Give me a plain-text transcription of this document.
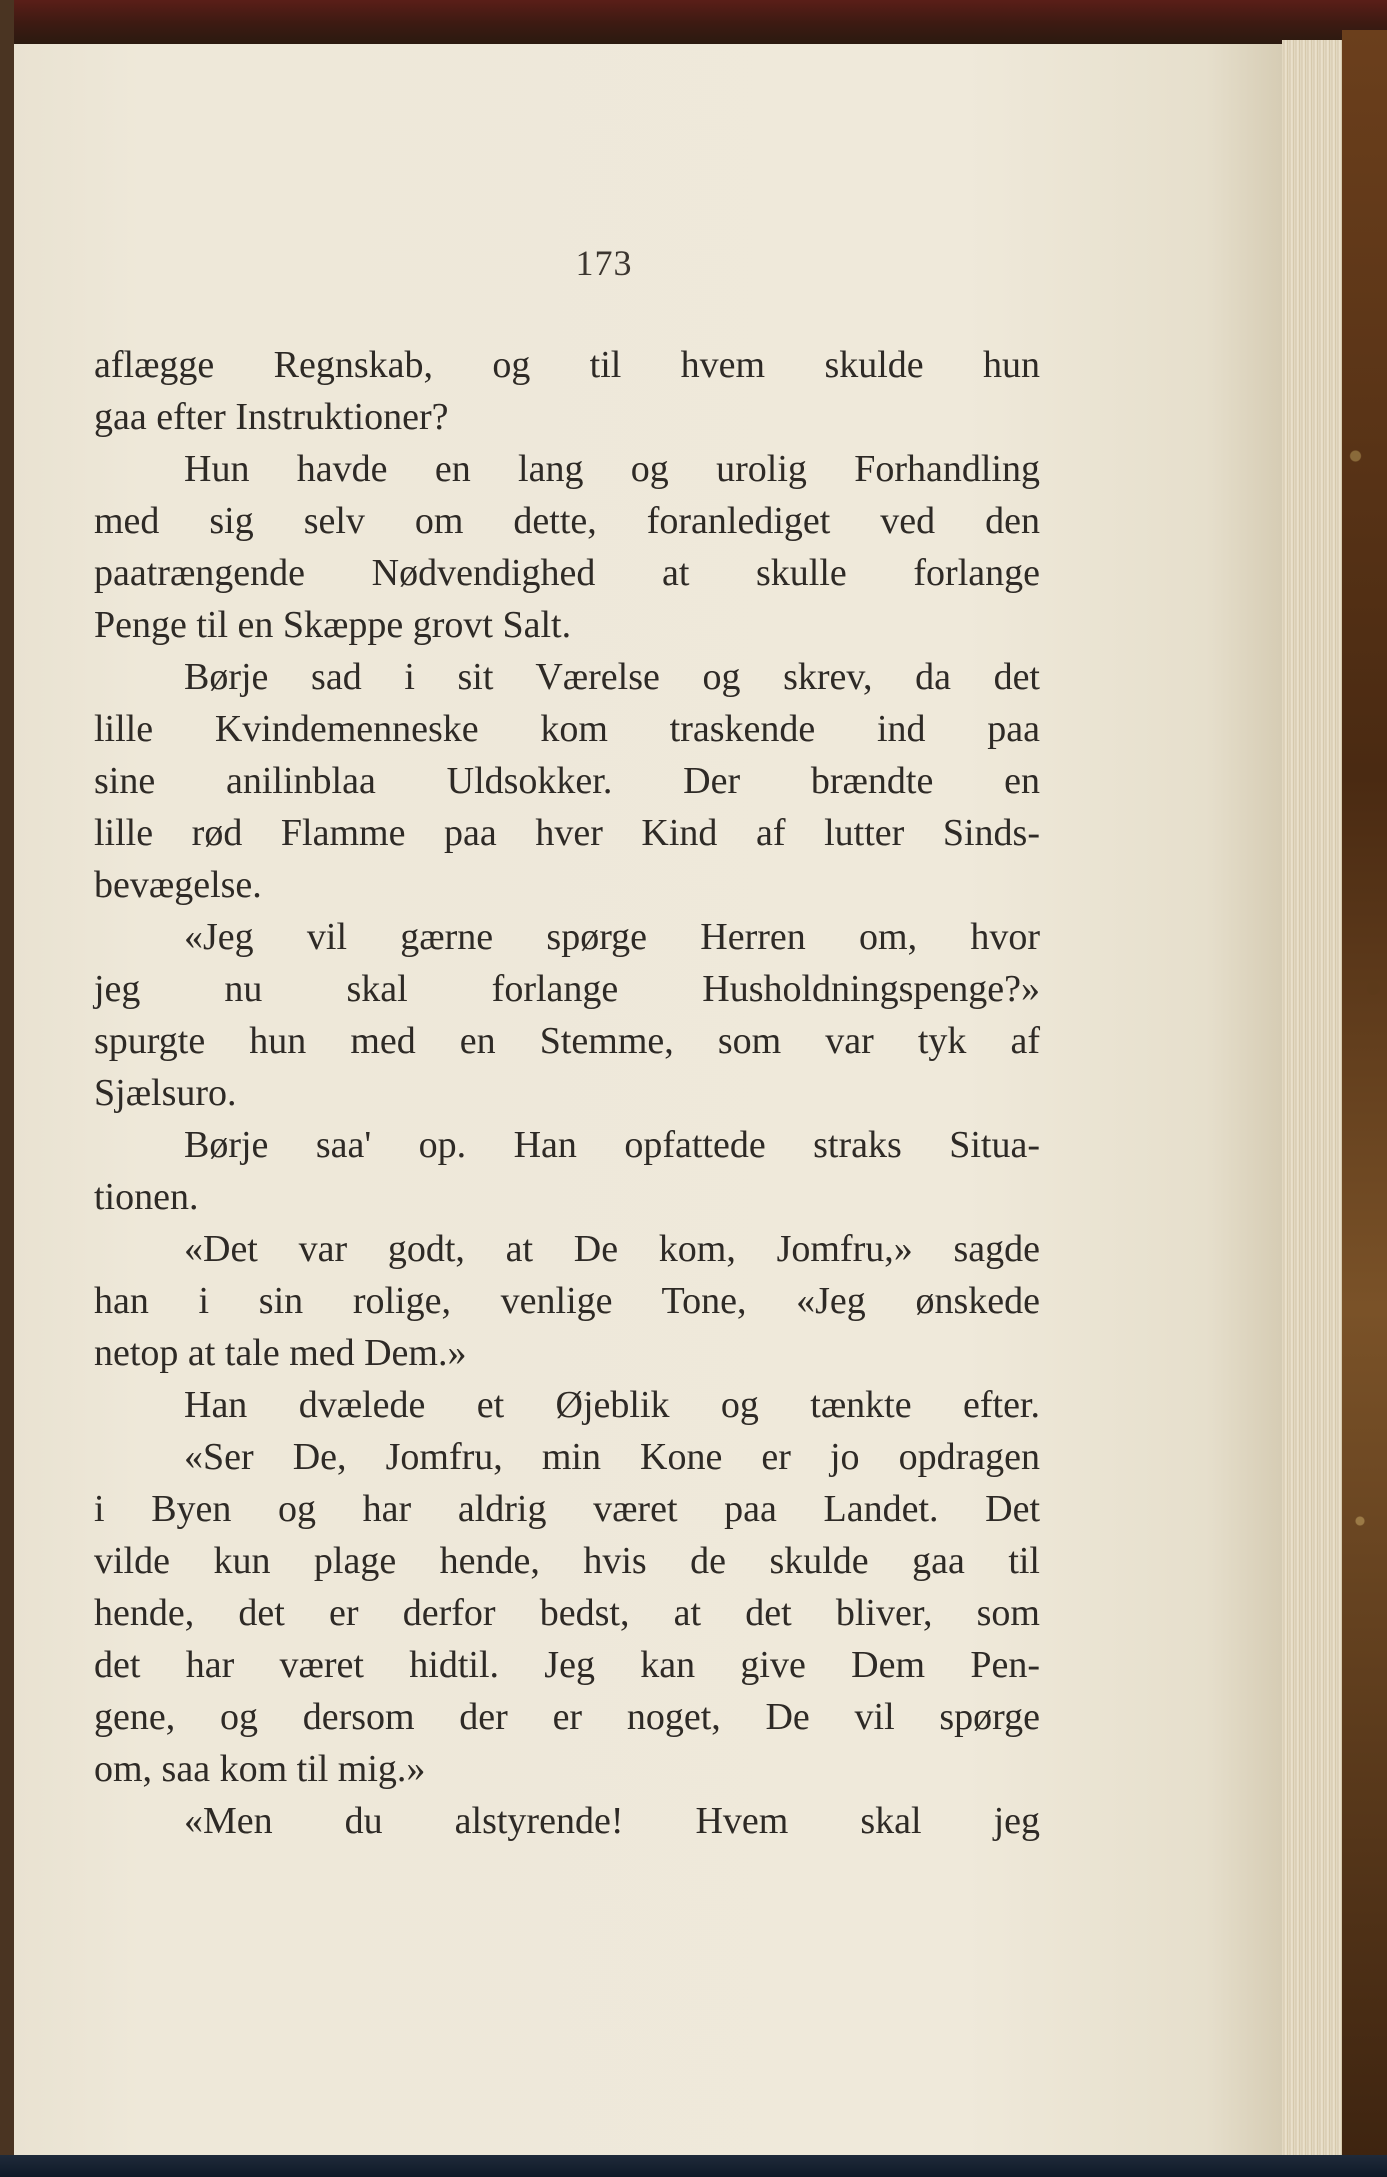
173
aflægge Regnskab, og til hvem skulde hun
gaa efter Instruktioner?
Hun havde en lang og urolig Forhandling
med sig selv om dette, foranlediget ved den
paatrængende Nødvendighed at skulle forlange
Penge til en Skæppe grovt Salt.
Børje sad i sit Værelse og skrev, da det
lille Kvindemenneske kom traskende ind paa
sine anilinblaa Uldsokker. Der brændte en
lille rød Flamme paa hver Kind af lutter Sinds-
bevægelse.
«Jeg vil gærne spørge Herren om, hvor
jeg nu skal forlange Husholdningspenge?»
spurgte hun med en Stemme, som var tyk af
Sjælsuro.
Børje saa' op. Han opfattede straks Situa-
tionen.
«Det var godt, at De kom, Jomfru,» sagde
han i sin rolige, venlige Tone, «Jeg ønskede
netop at tale med Dem.»
Han dvælede et Øjeblik og tænkte efter.
«Ser De, Jomfru, min Kone er jo opdragen
i Byen og har aldrig været paa Landet. Det
vilde kun plage hende, hvis de skulde gaa til
hende, det er derfor bedst, at det bliver, som
det har været hidtil. Jeg kan give Dem Pen-
gene, og dersom der er noget, De vil spørge
om, saa kom til mig.»
«Men du alstyrende! Hvem skal jeg
